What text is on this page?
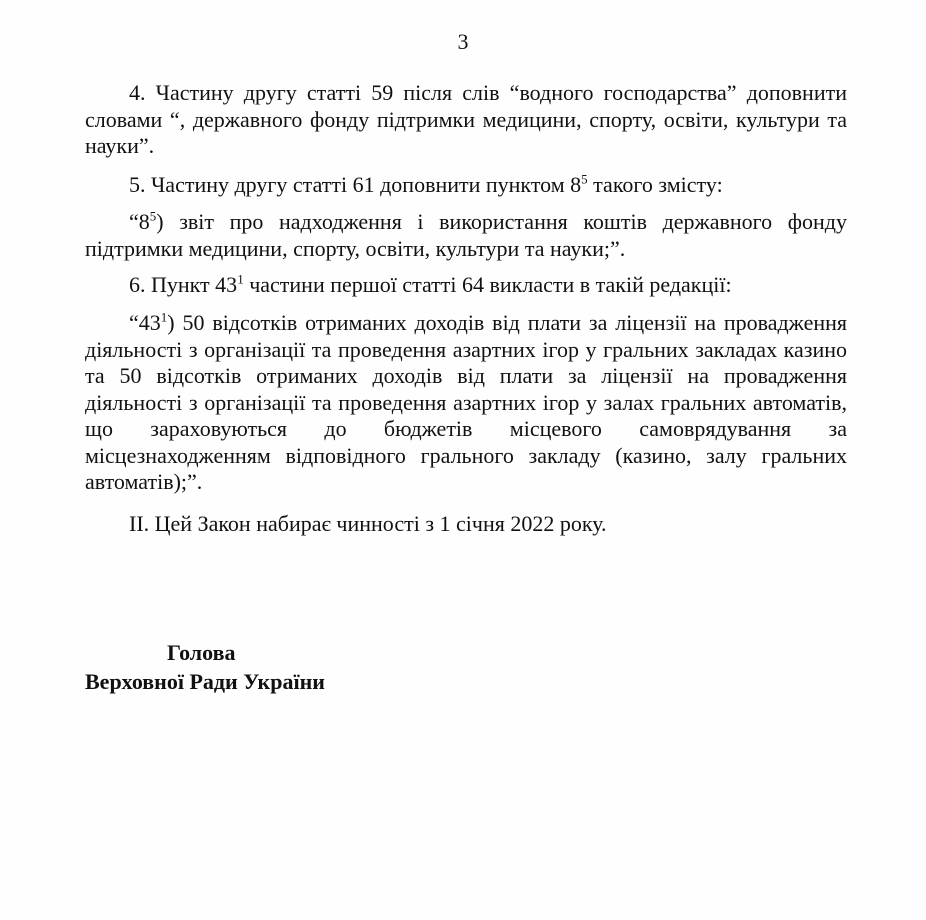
3

4. Частину другу статті 59 після слів “водного господарства” доповнити словами “, державного фонду підтримки медицини, спорту, освіти, культури та науки”.

5. Частину другу статті 61 доповнити пунктом $8^5$ такого змісту:

“$8^5$) звіт про надходження і використання коштів державного фонду підтримки медицини, спорту, освіти, культури та науки;”.

6. Пункт $43^1$ частини першої статті 64 викласти в такій редакції:

“$43^1$) 50 відсотків отриманих доходів від плати за ліцензії на провадження діяльності з організації та проведення азартних ігор у гральних закладах казино та 50 відсотків отриманих доходів від плати за ліцензії на провадження діяльності з організації та проведення азартних ігор у залах гральних автоматів, що зараховуються до бюджетів місцевого самоврядування за місцезнаходженням відповідного грального закладу (казино, залу гральних автоматів);”.

ІІ. Цей Закон набирає чинності з 1 січня 2022 року.

Голова
Верховної Ради України
